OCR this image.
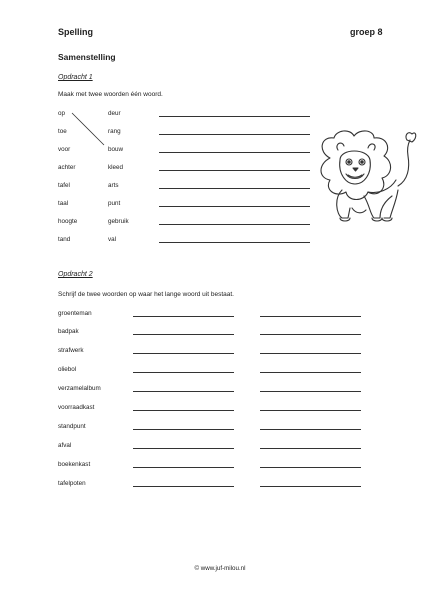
Spelling	groep 8
Samenstelling
Opdracht 1
Maak met twee woorden één woord.
op
toe
voor
achter
tafel
taal
hoogte
tand
deur
rang
bouw
kleed
arts
punt
gebruik
val
Opdracht 2
Schrijf de twee woorden op waar het lange woord uit bestaat.
groenteman
badpak
strafwerk
oliebol
verzamelalbum
voorraadkast
standpunt
afval
boekenkast
tafelpoten
© www.juf-milou.nl
